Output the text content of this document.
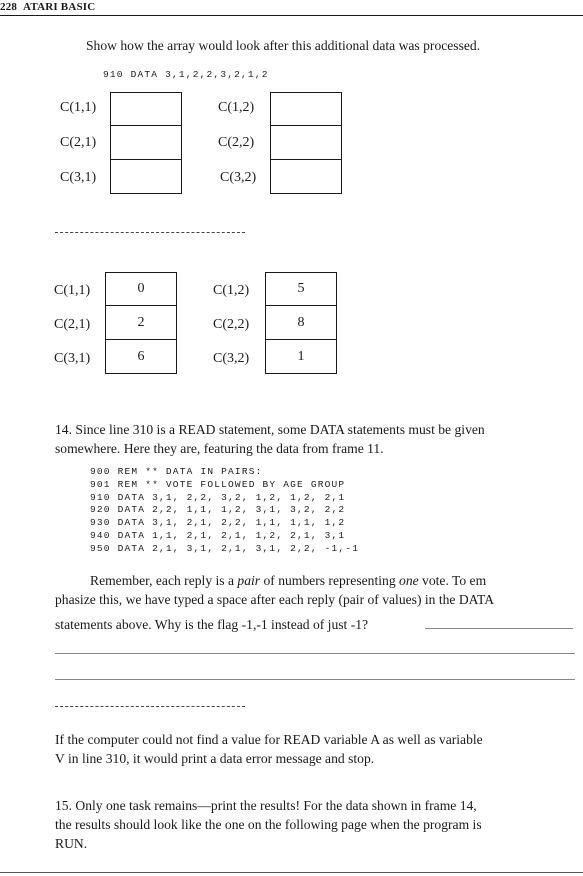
228 ATARI BASIC
Show how the array would look after this additional data was processed.
910 DATA 3,1,2,2,3,2,1,2
C(1,1)
C(2,1)
C(3,1)
C(1,2)
C(2,2)
C(3,2)
C(1,1)
C(2,1)
C(3,1)
0
2
6
C(1,2)
C(2,2)
C(3,2)
5
8
1
14. Since line 310 is a READ statement, some DATA statements must be given
somewhere. Here they are, featuring the data from frame 11.
900 REM ** DATA IN PAIRS:
901 REM ** VOTE FOLLOWED BY AGE GROUP
910 DATA 3,1, 2,2, 3,2, 1,2, 1,2, 2,1
920 DATA 2,2, 1,1, 1,2, 3,1, 3,2, 2,2
930 DATA 3,1, 2,1, 2,2, 1,1, 1,1, 1,2
940 DATA 1,1, 2,1, 2,1, 1,2, 2,1, 3,1
950 DATA 2,1, 3,1, 2,1, 3,1, 2,2, -1,-1
Remember, each reply is a pair of numbers representing one vote. To em
phasize this, we have typed a space after each reply (pair of values) in the DATA
statements above. Why is the flag -1,-1 instead of just -1?
If the computer could not find a value for READ variable A as well as variable
V in line 310, it would print a data error message and stop.
15. Only one task remains—print the results! For the data shown in frame 14,
the results should look like the one on the following page when the program is
RUN.
